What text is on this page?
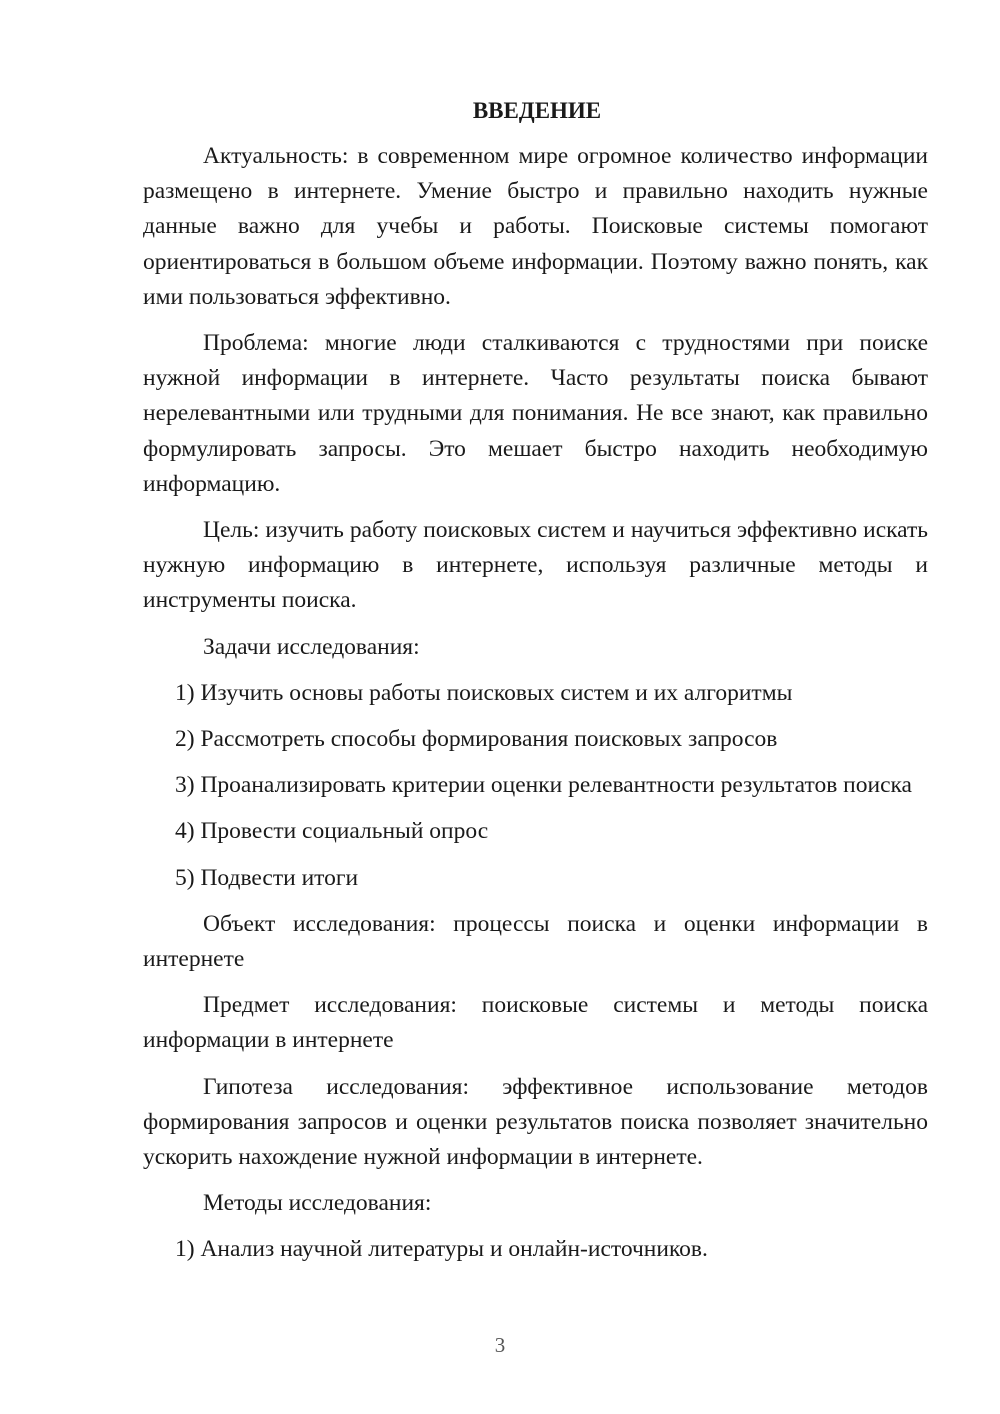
ВВЕДЕНИЕ

Актуальность: в современном мире огромное количество информации размещено в интернете. Умение быстро и правильно находить нужные данные важно для учебы и работы. Поисковые системы помогают ориентироваться в большом объеме информации. Поэтому важно понять, как ими пользоваться эффективно.

Проблема: многие люди сталкиваются с трудностями при поиске нужной информации в интернете. Часто результаты поиска бывают нерелевантными или трудными для понимания. Не все знают, как правильно формулировать запросы. Это мешает быстро находить необходимую информацию.

Цель: изучить работу поисковых систем и научиться эффективно искать нужную информацию в интернете, используя различные методы и инструменты поиска.

Задачи исследования:

1) Изучить основы работы поисковых систем и их алгоритмы

2) Рассмотреть способы формирования поисковых запросов

3) Проанализировать критерии оценки релевантности результатов поиска

4) Провести социальный опрос

5) Подвести итоги

Объект исследования: процессы поиска и оценки информации в интернете

Предмет исследования: поисковые системы и методы поиска информации в интернете

Гипотеза исследования: эффективное использование методов формирования запросов и оценки результатов поиска позволяет значительно ускорить нахождение нужной информации в интернете.

Методы исследования:

1) Анализ научной литературы и онлайн-источников.

3
